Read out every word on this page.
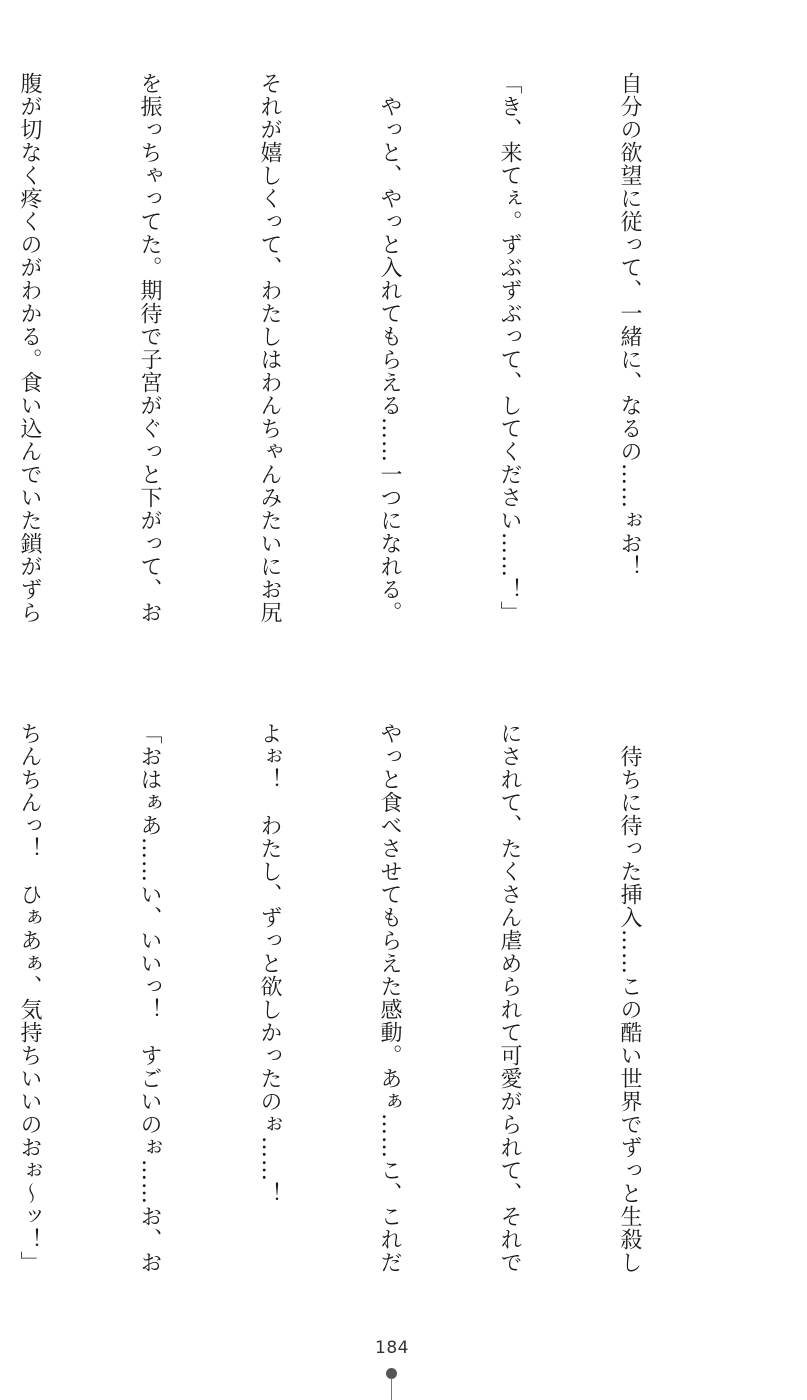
自分の欲望に従って、一緒に、なるの……ぉお！

「き、来てぇ。ずぶずぶって、してください……！」

　やっと、やっと入れてもらえる……一つになれる。

それが嬉しくって、わたしはわんちゃんみたいにお尻

を振っちゃってた。期待で子宮がぐっと下がって、お

腹が切なく疼くのがわかる。食い込んでいた鎖がずら

　待ちに待った挿入……この酷い世界でずっと生殺し

にされて、たくさん虐められて可愛がられて、それで

やっと食べさせてもらえた感動。あぁ……こ、これだ

よぉ！　わたし、ずっと欲しかったのぉ……！

「おはぁあ……い、いいっ！　すごいのぉ……お、お

ちんちんっ！　ひぁあぁ、気持ちいいのおぉ〜ッ！」

184
